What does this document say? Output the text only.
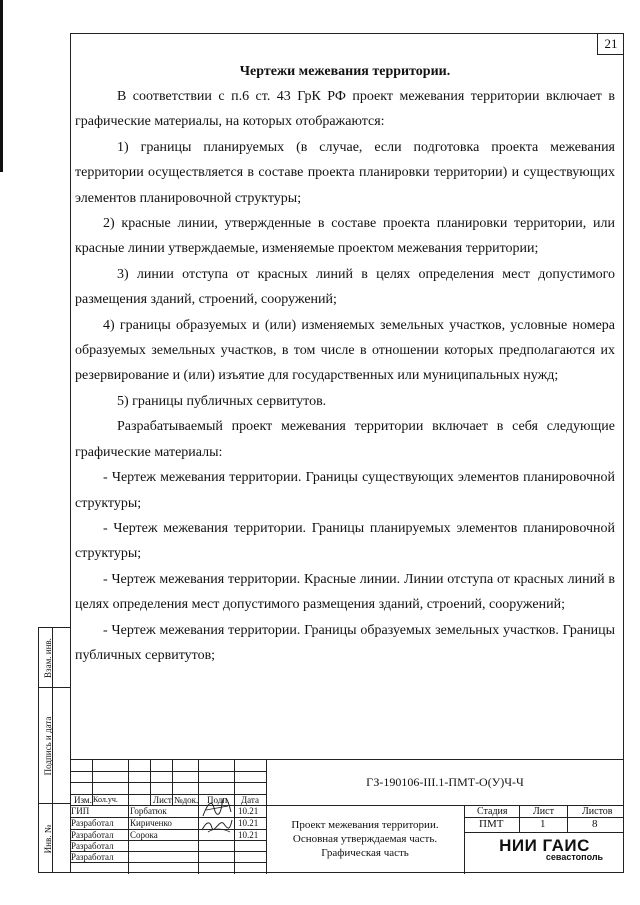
21
Взам. инв.
Подпись и дата
Инв. №
Чертежи межевания территории.
В соответствии с п.6 ст. 43 ГрК РФ проект межевания территории включает в графические материалы, на которых отображаются:
1) границы планируемых (в случае, если подготовка проекта межевания территории осуществляется в составе проекта планировки территории) и существующих элементов планировочной структуры;
2) красные линии, утвержденные в составе проекта планировки территории, или красные линии утверждаемые, изменяемые проектом межевания территории;
3) линии отступа от красных линий в целях определения мест допустимого размещения зданий, строений, сооружений;
4) границы образуемых и (или) изменяемых земельных участков, условные номера образуемых земельных участков, в том числе в отношении которых предполагаются их резервирование и (или) изъятие для государственных или муниципальных нужд;
5) границы публичных сервитутов.
Разрабатываемый проект межевания территории включает в себя следующие графические материалы:
- Чертеж межевания территории. Границы существующих элементов планировочной структуры;
- Чертеж межевания территории. Границы планируемых элементов планировочной структуры;
- Чертеж межевания территории. Красные линии. Линии отступа от красных линий в целях определения мест допустимого размещения зданий, строений, сооружений;
- Чертеж межевания территории. Границы образуемых земельных участков. Границы публичных сервитутов;
Изм. Кол.уч.	Лист №док. Подп. Дата
ГИП	Горбатюк	10.21
Разработал Кириченко	10.21
Разработал Сорока	10.21
Разработал
Разработал
ГЗ-190106-III.1-ПМТ-О(У)Ч-Ч
Проект межевания территории.
Основная утверждаемая часть.
Графическая часть
Стадия	Лист	Листов
ПМТ	1	8
НИИ ГАИС
севастополь
